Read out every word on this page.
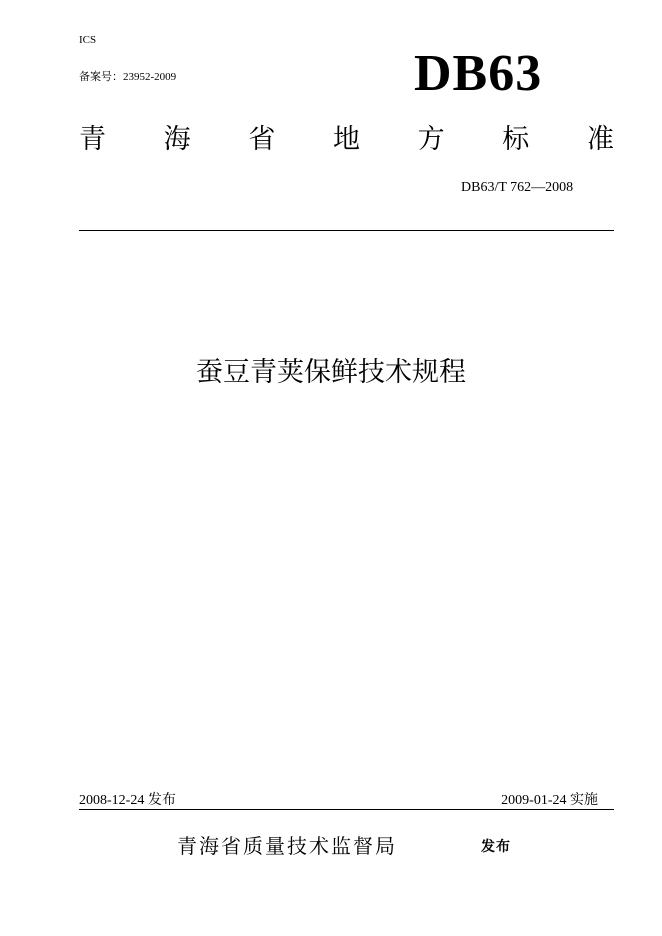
ICS
备案号：23952-2009	DB63
青 海 省 地 方 标 准
DB63/T 762—2008
蚕豆青荚保鲜技术规程
2008-12-24 发布	2009-01-24 实施
青海省质量技术监督局	发布
